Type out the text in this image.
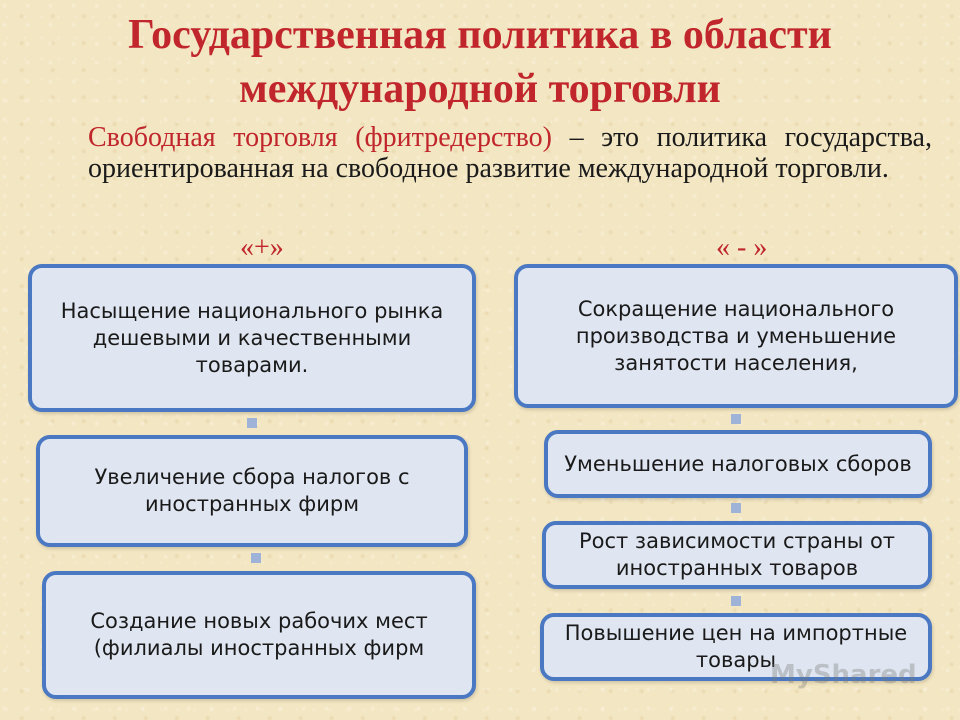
Государственная политика в области международной торговли
Свободная торговля (фритредерство) – это политика государства, ориентированная на свободное развитие международной торговли.
«+»	« - »
Насыщение национального рынка дешевыми и качественными товарами.
Увеличение сбора налогов с иностранных фирм
Создание новых рабочих мест (филиалы иностранных фирм
Сокращение национального производства и уменьшение занятости населения,
Уменьшение налоговых сборов
Рост зависимости страны от иностранных товаров
Повышение цен на импортные товары
MyShared
